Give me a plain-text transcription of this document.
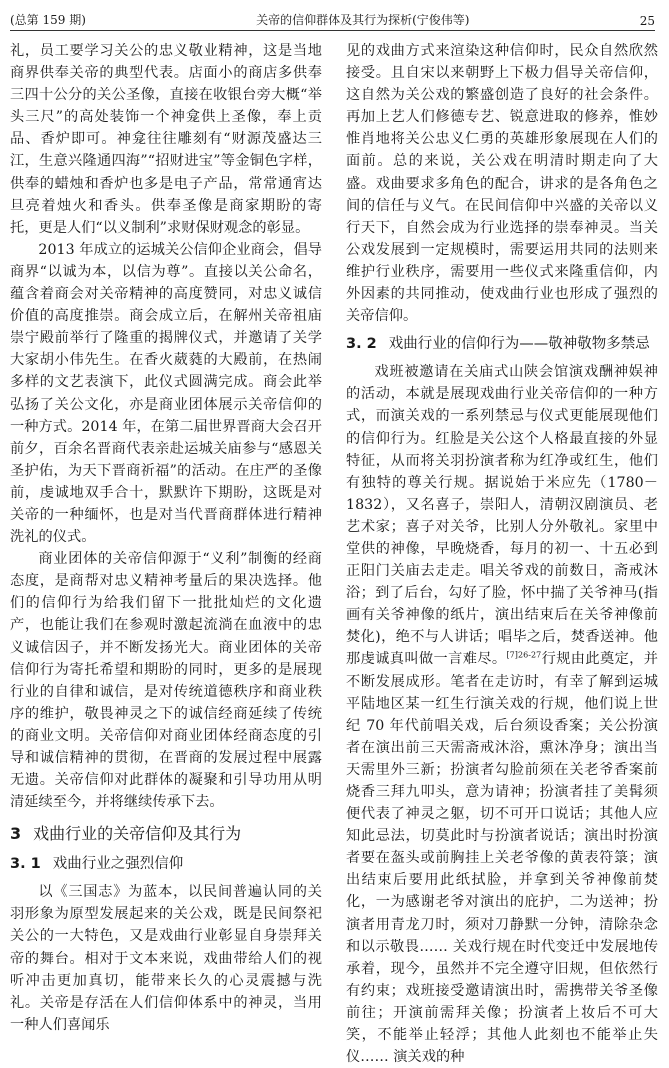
(总第 159 期)	关帝的信仰群体及其行为探析(宁俊伟等)	25

礼，员工要学习关公的忠义敬业精神，这是当地商界供奉关帝的典型代表。店面小的商店多供奉三四十公分的关公圣像，直接在收银台旁大概“举头三尺”的高处装饰一个神龛供上圣像，奉上贡品、香炉即可。神龛往往雕刻有“财源茂盛达三江，生意兴隆通四海”“招财进宝”等金铜色字样，供奉的蜡烛和香炉也多是电子产品，常常通宵达旦亮着烛火和香头。供奉圣像是商家期盼的寄托，更是人们“以义制利”求财保财观念的彰显。

2013 年成立的运城关公信仰企业商会，倡导商界“以诚为本，以信为尊”。直接以关公命名，蕴含着商会对关帝精神的高度赞同，对忠义诚信价值的高度推崇。商会成立后，在解州关帝祖庙崇宁殿前举行了隆重的揭牌仪式，并邀请了关学大家胡小伟先生。在香火葳蕤的大殿前，在热闹多样的文艺表演下，此仪式圆满完成。商会此举弘扬了关公文化，亦是商业团体展示关帝信仰的一种方式。2014 年，在第二届世界晋商大会召开前夕，百余名晋商代表亲赴运城关庙参与“感恩关圣护佑，为天下晋商祈福”的活动。在庄严的圣像前，虔诚地双手合十，默默许下期盼，这既是对关帝的一种缅怀，也是对当代晋商群体进行精神洗礼的仪式。

商业团体的关帝信仰源于“义利”制衡的经商态度，是商帮对忠义精神考量后的果决选择。他们的信仰行为给我们留下一批批灿烂的文化遗产，也能让我们在参观时激起流淌在血液中的忠义诚信因子，并不断发扬光大。商业团体的关帝信仰行为寄托希望和期盼的同时，更多的是展现行业的自律和诚信，是对传统道德秩序和商业秩序的维护，敬畏神灵之下的诚信经商延续了传统的商业文明。关帝信仰对商业团体经商态度的引导和诚信精神的贯彻，在晋商的发展过程中展露无遗。关帝信仰对此群体的凝聚和引导功用从明清延续至今，并将继续传承下去。

3 戏曲行业的关帝信仰及其行为
3. 1 戏曲行业之强烈信仰

以《三国志》为蓝本，以民间普遍认同的关羽形象为原型发展起来的关公戏，既是民间祭祀关公的一大特色，又是戏曲行业彰显自身崇拜关帝的舞台。相对于文本来说，戏曲带给人们的视听冲击更加真切，能带来长久的心灵震撼与洗礼。关帝是存活在人们信仰体系中的神灵，当用一种人们喜闻乐

见的戏曲方式来渲染这种信仰时，民众自然欣然接受。且自宋以来朝野上下极力倡导关帝信仰，这自然为关公戏的繁盛创造了良好的社会条件。再加上艺人们修德专艺、锐意进取的修养，惟妙惟肖地将关公忠义仁勇的英雄形象展现在人们的面前。总的来说，关公戏在明清时期走向了大盛。戏曲要求多角色的配合，讲求的是各角色之间的信任与义气。在民间信仰中兴盛的关帝以义行天下，自然会成为行业选择的崇奉神灵。当关公戏发展到一定规模时，需要运用共同的法则来维护行业秩序，需要用一些仪式来隆重信仰，内外因素的共同推动，使戏曲行业也形成了强烈的关帝信仰。

3. 2 戏曲行业的信仰行为——敬神敬物多禁忌

戏班被邀请在关庙式山陕会馆演戏酬神娱神的活动，本就是展现戏曲行业关帝信仰的一种方式，而演关戏的一系列禁忌与仪式更能展现他们的信仰行为。红脸是关公这个人格最直接的外显特征，从而将关羽扮演者称为红净或红生，他们有独特的尊关行规。据说始于米应先（1780－1832），又名喜子，崇阳人，清朝汉剧演员、老艺术家；喜子对关爷，比别人分外敬礼。家里中堂供的神像，早晚烧香，每月的初一、十五必到正阳门关庙去走走。唱关爷戏的前数日，斋戒沐浴；到了后台，勾好了脸，怀中揣了关爷神马(指画有关爷神像的纸片，演出结束后在关爷神像前焚化)，绝不与人讲话；唱毕之后，焚香送神。他那虔诚真叫做一言难尽。$^{[7]26-27}$行规由此奠定，并不断发展成形。笔者在走访时，有幸了解到运城平陆地区某一红生行演关戏的行规，他们说上世纪 70 年代前唱关戏，后台须设香案；关公扮演者在演出前三天需斋戒沐浴，熏沐净身；演出当天需里外三新；扮演者勾脸前须在关老爷香案前烧香三拜九叩头，意为请神；扮演者挂了美髯须便代表了神灵之躯，切不可开口说话；其他人应知此忌法，切莫此时与扮演者说话；演出时扮演者要在盔头或前胸挂上关老爷像的黄表符箓；演出结束后要用此纸拭脸，并拿到关爷神像前焚化，一为感谢老爷对演出的庇护，二为送神；扮演者用青龙刀时，须对刀静默一分钟，清除杂念和以示敬畏…… 关戏行规在时代变迁中发展地传承着，现今，虽然并不完全遵守旧规，但依然行有约束；戏班接受邀请演出时，需携带关爷圣像前往；开演前需拜关像；扮演者上妆后不可大笑，不能举止轻浮；其他人此刻也不能举止失仪…… 演关戏的种
